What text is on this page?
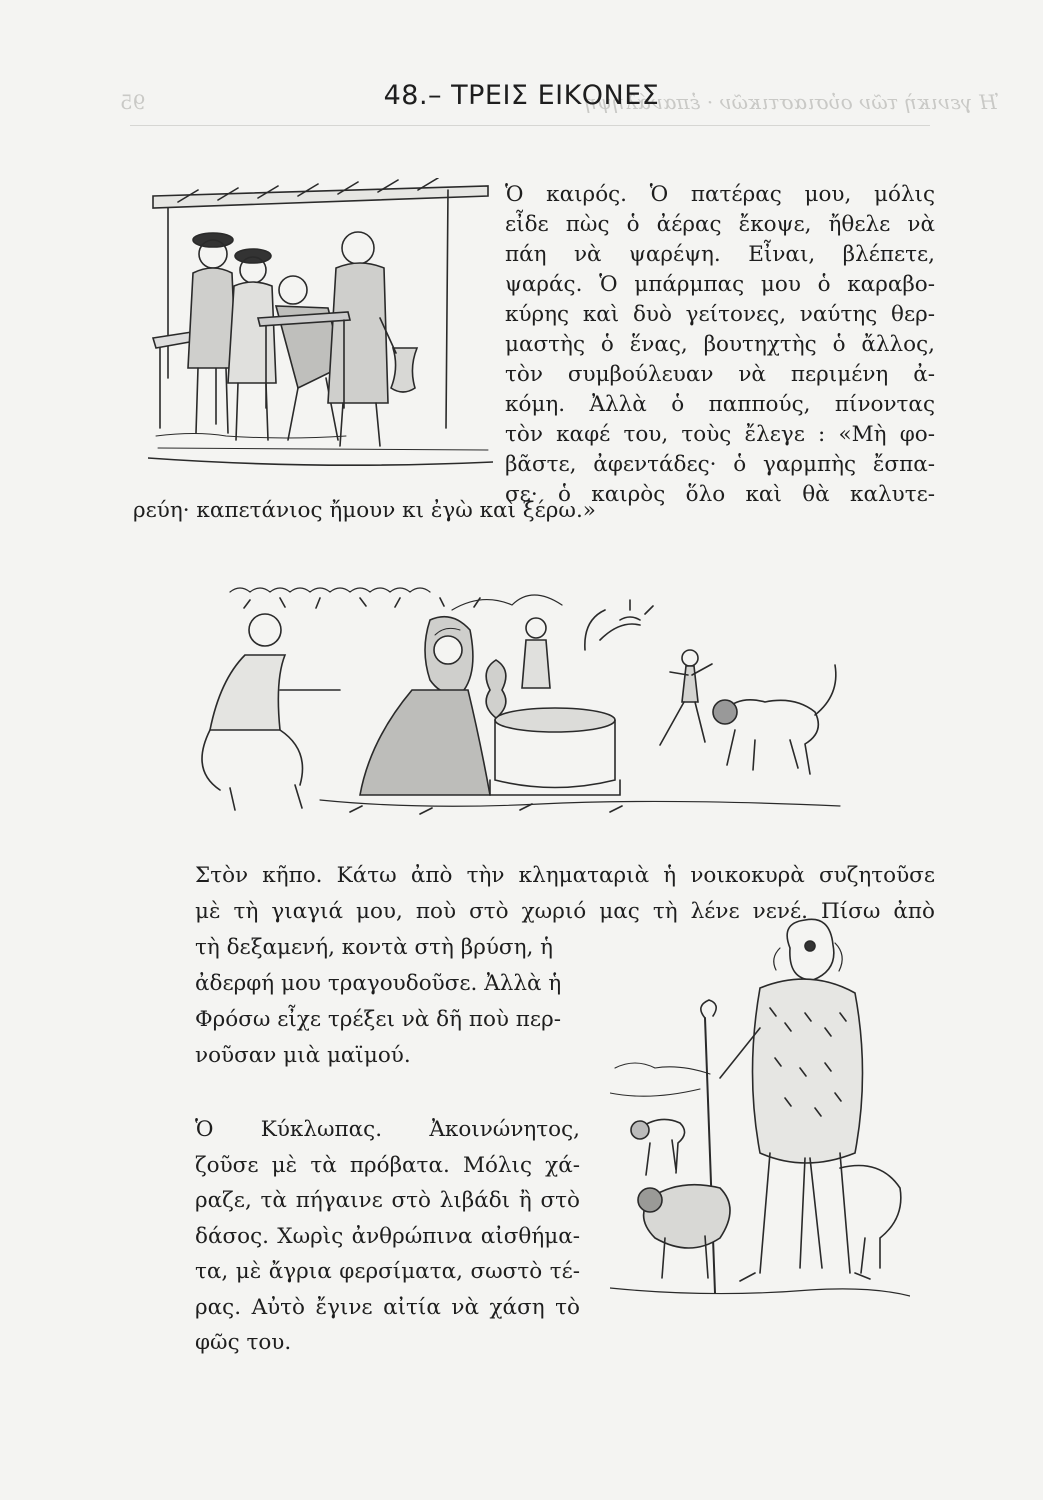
95	Ἡ γενικὴ τῶν οὐσιαστικῶν · ἐπανάληψη
48.– ΤΡΕΙΣ ΕΙΚΟΝΕΣ
Ὁ καιρός. Ὁ πατέρας μου, μόλις
εἶδε πὼς ὁ ἀέρας ἔκοψε, ἤθελε νὰ
πάη νὰ ψαρέψη. Εἶναι, βλέπετε,
ψαράς. Ὁ μπάρμπας μου ὁ καραβο-
κύρης καὶ δυὸ γείτονες, ναύτης θερ-
μαστὴς ὁ ἕνας, βουτηχτὴς ὁ ἄλλος,
τὸν συμβούλευαν νὰ περιμένη ἀ-
κόμη. Ἀλλὰ ὁ παππούς, πίνοντας
τὸν καφέ του, τοὺς ἔλεγε : «Μὴ φο-
βᾶστε, ἀφεντάδες· ὁ γαρμπὴς ἔσπα-
σε· ὁ καιρὸς ὅλο καὶ θὰ καλυτε-
ρεύη· καπετάνιος ἤμουν κι ἐγὼ καὶ ξέρω.»
Στὸν κῆπο. Κάτω ἀπὸ τὴν κληματαριὰ ἡ νοικοκυρὰ συζητοῦσε
μὲ τὴ γιαγιά μου, ποὺ στὸ χωριό μας τὴ λένε νενέ. Πίσω ἀπὸ
τὴ δεξαμενή, κοντὰ στὴ βρύση, ἡ
ἀδερφή μου τραγουδοῦσε. Ἀλλὰ ἡ
Φρόσω εἶχε τρέξει νὰ δῆ ποὺ περ-
νοῦσαν μιὰ μαϊμού.
Ὁ Κύκλωπας. Ἀκοινώνητος,
ζοῦσε μὲ τὰ πρόβατα. Μόλις χά-
ραζε, τὰ πήγαινε στὸ λιβάδι ἢ στὸ
δάσος. Χωρὶς ἀνθρώπινα αἰσθήμα-
τα, μὲ ἄγρια φερσίματα, σωστὸ τέ-
ρας. Αὐτὸ ἔγινε αἰτία νὰ χάση τὸ
φῶς του.
